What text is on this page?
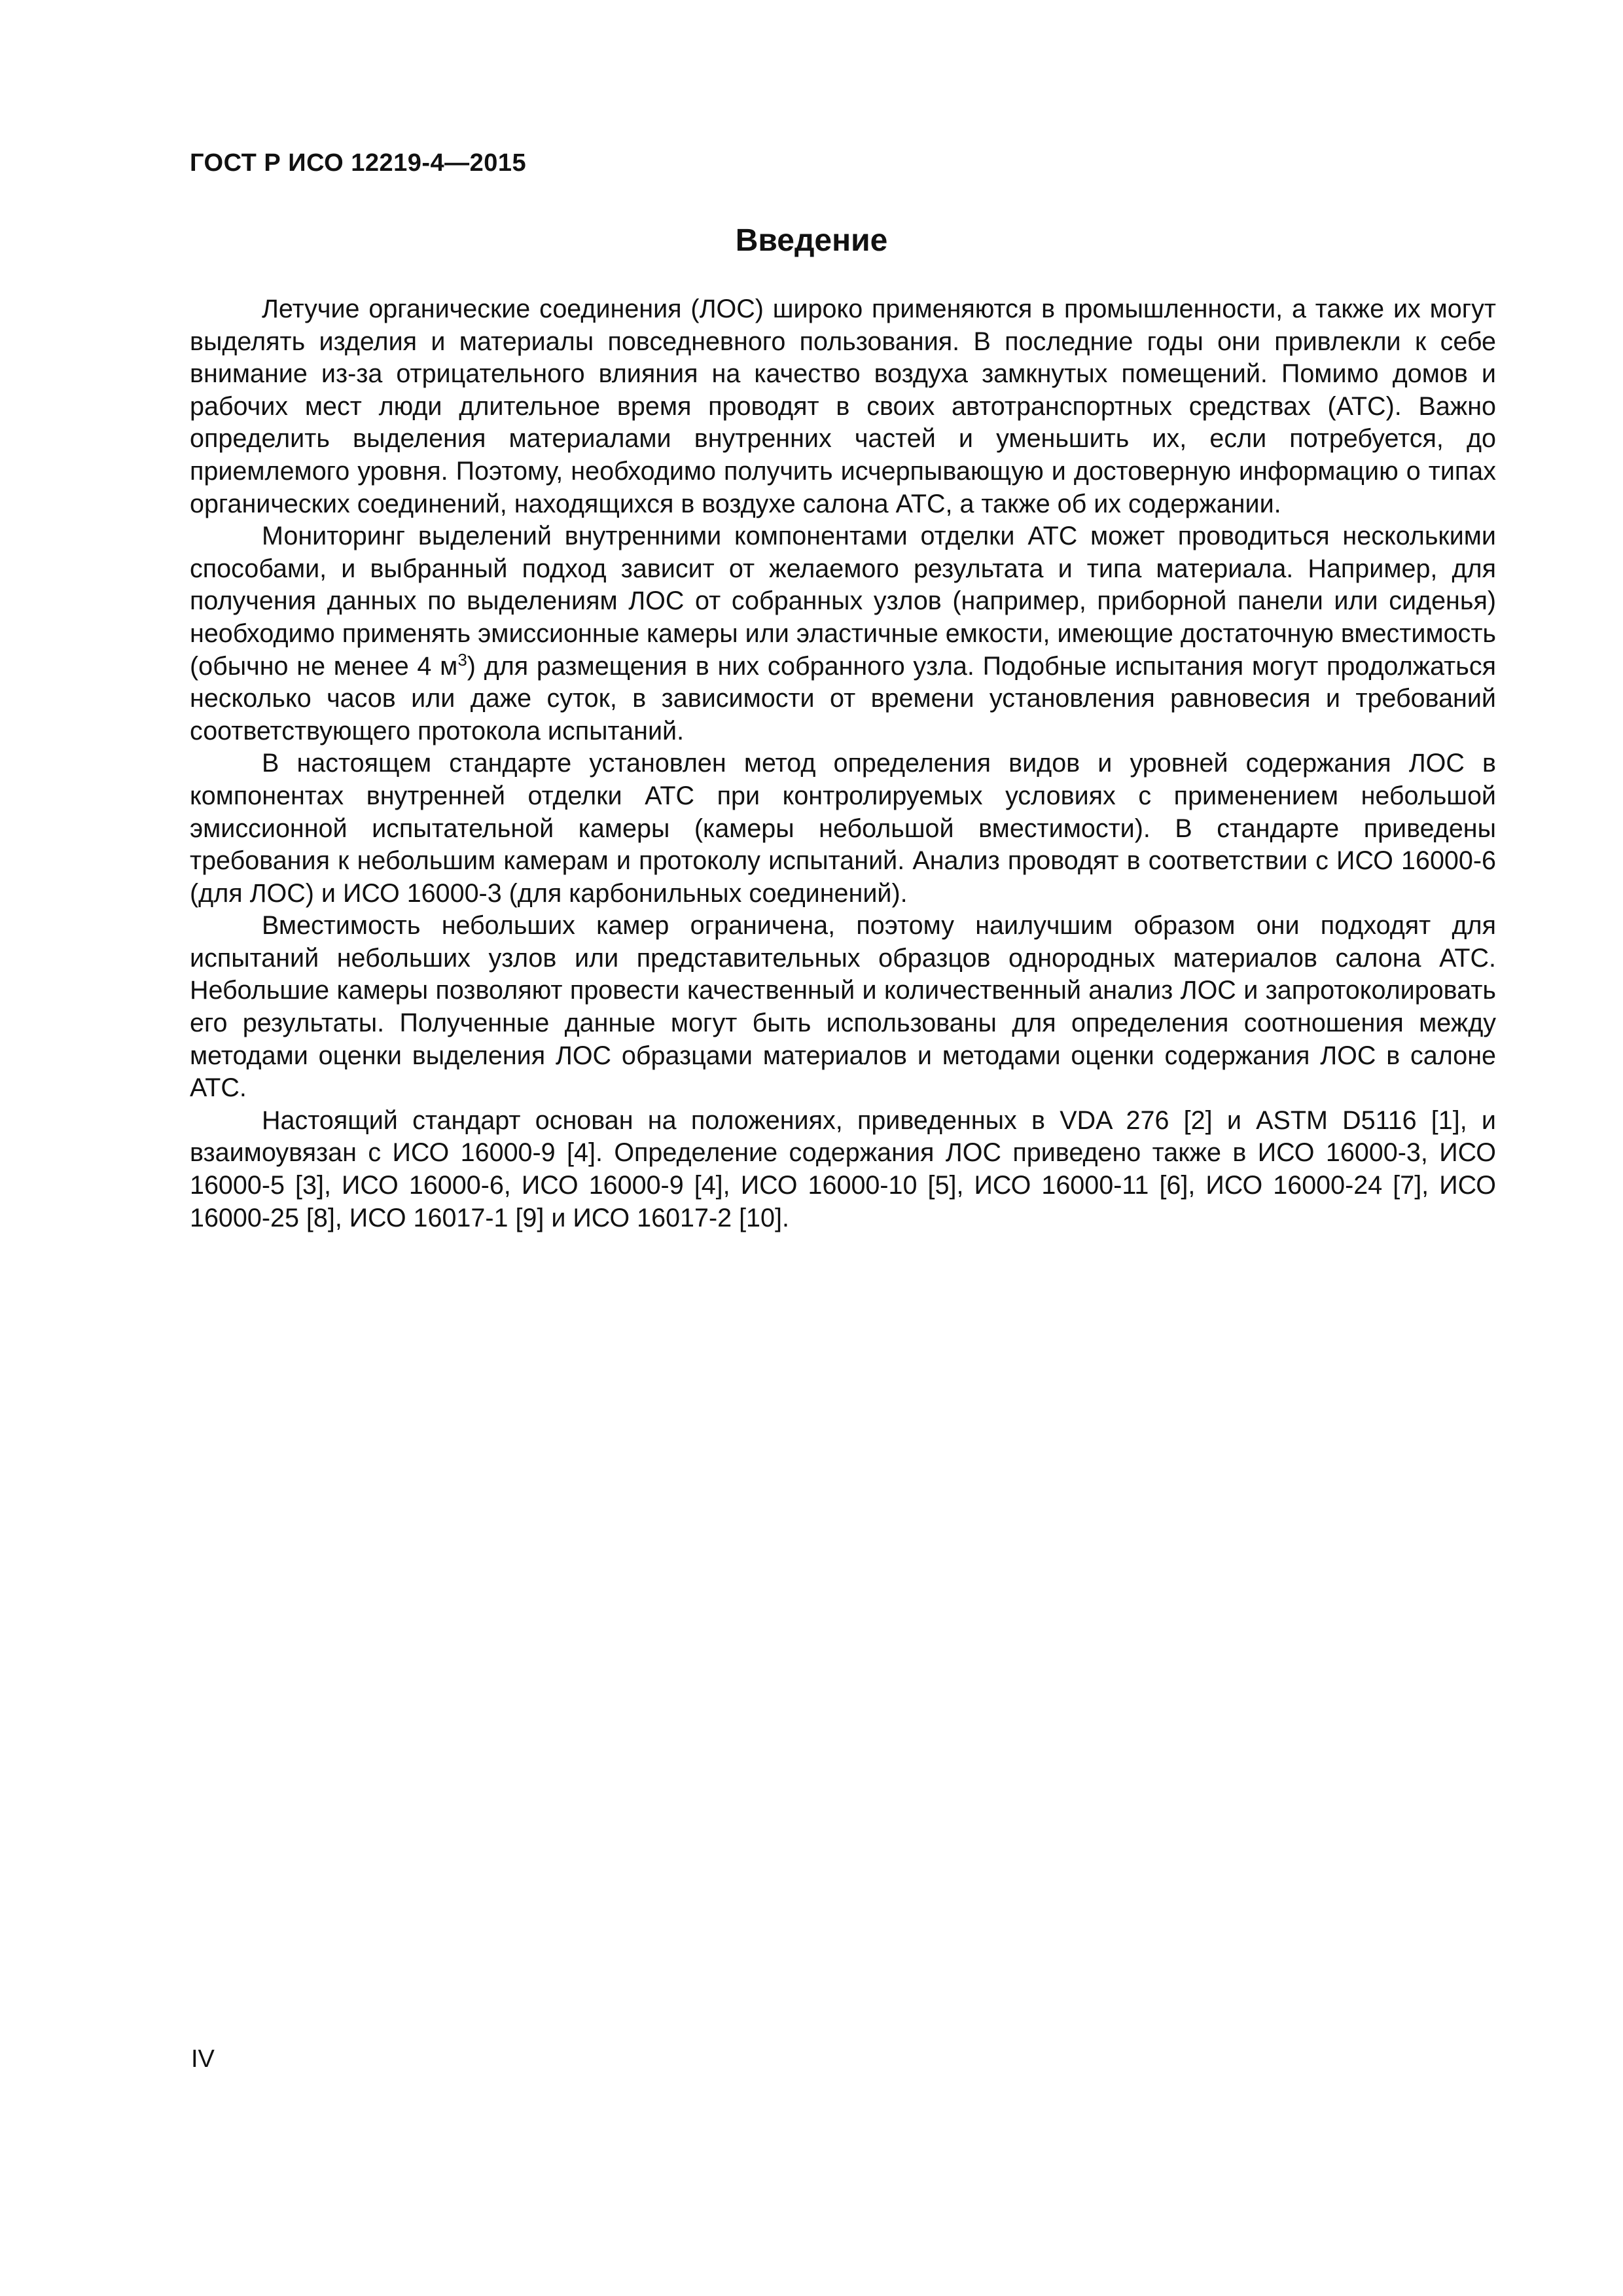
ГОСТ Р ИСО 12219-4—2015
Введение

Летучие органические соединения (ЛОС) широко применяются в промышленности, а также их могут выделять изделия и материалы повседневного пользования. В последние годы они привлекли к себе внимание из-за отрицательного влияния на качество воздуха замкнутых помещений. Помимо домов и рабочих мест люди длительное время проводят в своих автотранспортных средствах (АТС). Важно определить выделения материалами внутренних частей и уменьшить их, если потребуется, до приемлемого уровня. Поэтому, необходимо получить исчерпывающую и достоверную информацию о типах органических соединений, находящихся в воздухе салона АТС, а также об их содержании.

Мониторинг выделений внутренними компонентами отделки АТС может проводиться несколькими способами, и выбранный подход зависит от желаемого результата и типа материала. Например, для получения данных по выделениям ЛОС от собранных узлов (например, приборной панели или сиденья) необходимо применять эмиссионные камеры или эластичные емкости, имеющие достаточную вместимость (обычно не менее 4 $м^3$) для размещения в них собранного узла. Подобные испытания могут продолжаться несколько часов или даже суток, в зависимости от времени установления равновесия и требований соответствующего протокола испытаний.

В настоящем стандарте установлен метод определения видов и уровней содержания ЛОС в компонентах внутренней отделки АТС при контролируемых условиях с применением небольшой эмиссионной испытательной камеры (камеры небольшой вместимости). В стандарте приведены требования к небольшим камерам и протоколу испытаний. Анализ проводят в соответствии с ИСО 16000-6 (для ЛОС) и ИСО 16000-3 (для карбонильных соединений).

Вместимость небольших камер ограничена, поэтому наилучшим образом они подходят для испытаний небольших узлов или представительных образцов однородных материалов салона АТС. Небольшие камеры позволяют провести качественный и количественный анализ ЛОС и запротоколировать его результаты. Полученные данные могут быть использованы для определения соотношения между методами оценки выделения ЛОС образцами материалов и методами оценки содержания ЛОС в салоне АТС.

Настоящий стандарт основан на положениях, приведенных в VDA 276 [2] и ASTM D5116 [1], и взаимоувязан с ИСО 16000-9 [4]. Определение содержания ЛОС приведено также в ИСО 16000-3, ИСО 16000-5 [3], ИСО 16000-6, ИСО 16000-9 [4], ИСО 16000-10 [5], ИСО 16000-11 [6], ИСО 16000-24 [7], ИСО 16000-25 [8], ИСО 16017-1 [9] и ИСО 16017-2 [10].

IV
